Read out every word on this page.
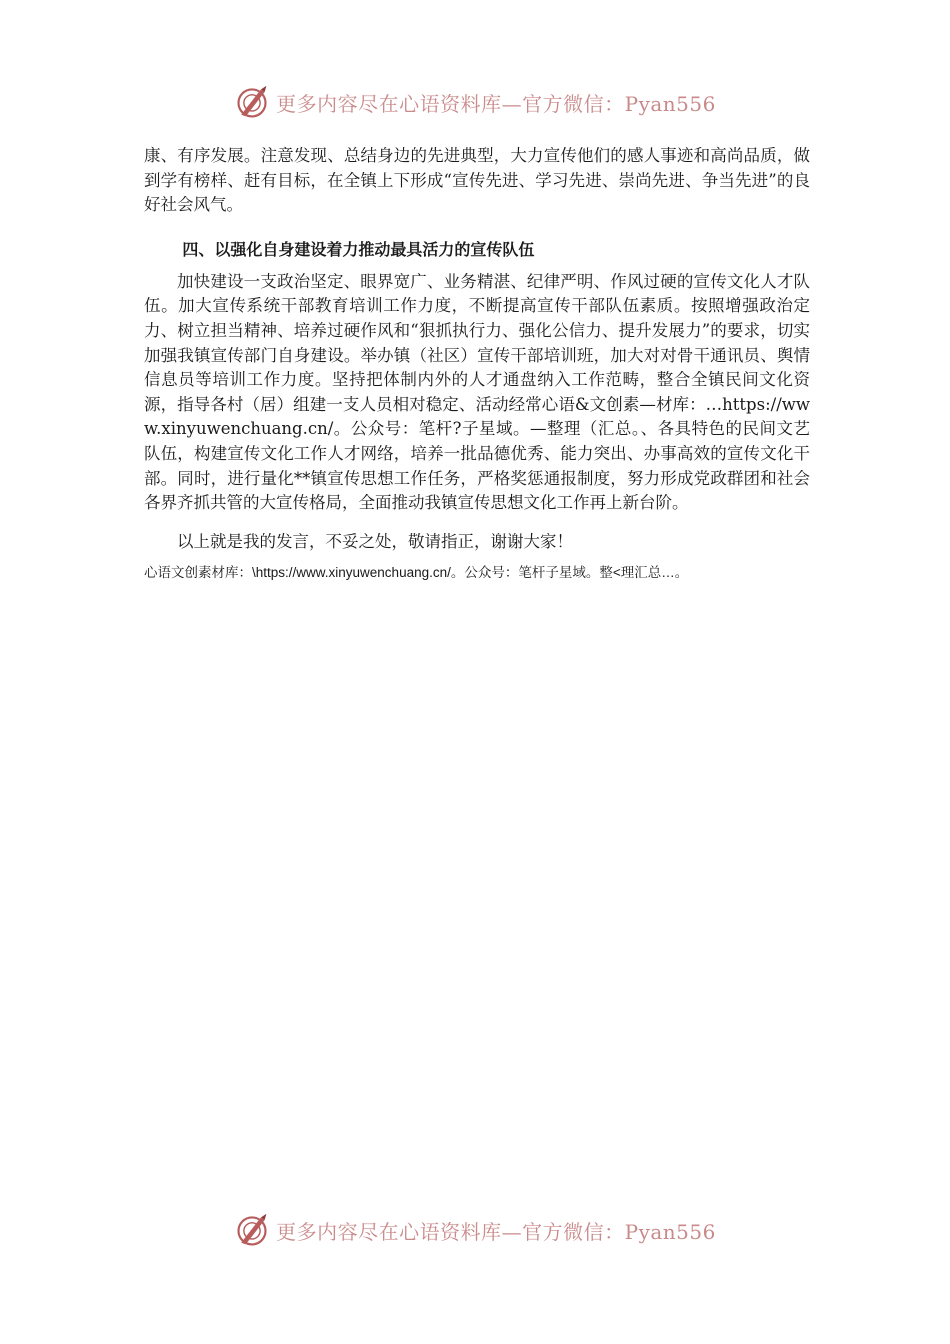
更多内容尽在心语资料库—官方微信：Pyan556

康、有序发展。注意发现、总结身边的先进典型，大力宣传他们的感人事迹和高尚品质，做到学有榜样、赶有目标，在全镇上下形成“宣传先进、学习先进、崇尚先进、争当先进”的良好社会风气。

四、以强化自身建设着力推动最具活力的宣传队伍

加快建设一支政治坚定、眼界宽广、业务精湛、纪律严明、作风过硬的宣传文化人才队伍。加大宣传系统干部教育培训工作力度，不断提高宣传干部队伍素质。按照增强政治定力、树立担当精神、培养过硬作风和“狠抓执行力、强化公信力、提升发展力”的要求，切实加强我镇宣传部门自身建设。举办镇（社区）宣传干部培训班，加大对对骨干通讯员、舆情信息员等培训工作力度。坚持把体制内外的人才通盘纳入工作范畴，整合全镇民间文化资源，指导各村（居）组建一支人员相对稳定、活动经常心语&文创素—材库：…https://www.xinyuwenchuang.cn/。公众号：笔杆?子星域。—整理（汇总。、各具特色的民间文艺队伍，构建宣传文化工作人才网络，培养一批品德优秀、能力突出、办事高效的宣传文化干部。同时，进行量化**镇宣传思想工作任务，严格奖惩通报制度，努力形成党政群团和社会各界齐抓共管的大宣传格局，全面推动我镇宣传思想文化工作再上新台阶。

以上就是我的发言，不妥之处，敬请指正，谢谢大家！

心语文创素材库：\https://www.xinyuwenchuang.cn/。公众号：笔杆子星域。整<理汇总…。

更多内容尽在心语资料库—官方微信：Pyan556
